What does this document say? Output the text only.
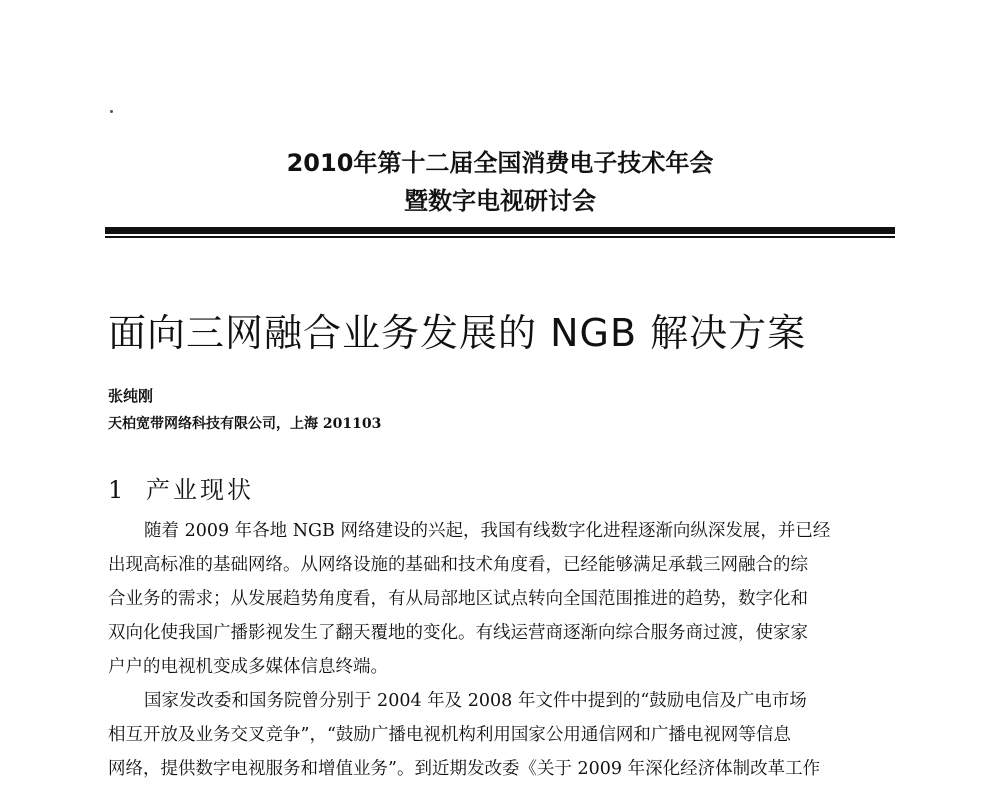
2010年第十二届全国消费电子技术年会
暨数字电视研讨会
面向三网融合业务发展的 NGB 解决方案
张纯刚
天柏宽带网络科技有限公司，上海 201103
1 产业现状
随着 2009 年各地 NGB 网络建设的兴起，我国有线数字化进程逐渐向纵深发展，并已经
出现高标准的基础网络。从网络设施的基础和技术角度看，已经能够满足承载三网融合的综
合业务的需求；从发展趋势角度看，有从局部地区试点转向全国范围推进的趋势，数字化和
双向化使我国广播影视发生了翻天覆地的变化。有线运营商逐渐向综合服务商过渡，使家家
户户的电视机变成多媒体信息终端。
国家发改委和国务院曾分别于 2004 年及 2008 年文件中提到的“鼓励电信及广电市场
相互开放及业务交叉竞争”，“鼓励广播电视机构利用国家公用通信网和广播电视网等信息
网络，提供数字电视服务和增值业务”。到近期发改委《关于 2009 年深化经济体制改革工作
